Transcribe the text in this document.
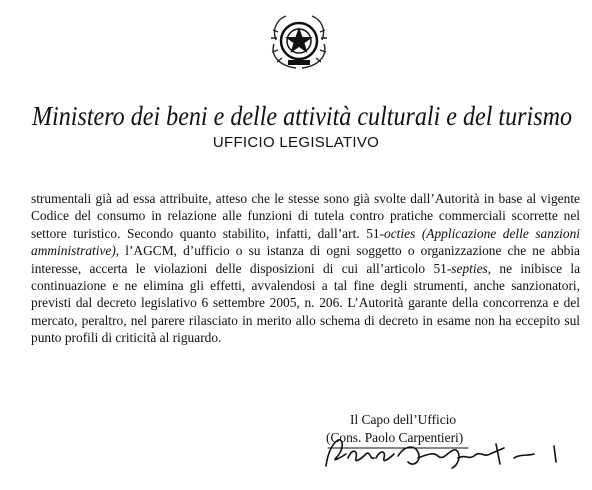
Ministero dei beni e delle attività culturali e del turismo
UFFICIO LEGISLATIVO

strumentali già ad essa attribuite, atteso che le stesse sono già svolte dall’Autorità in base al vigente Codice del consumo in relazione alle funzioni di tutela contro pratiche commerciali scorrette nel settore turistico. Secondo quanto stabilito, infatti, dall’art. 51-octies (Applicazione delle sanzioni amministrative), l’AGCM, d’ufficio o su istanza di ogni soggetto o organizzazione che ne abbia interesse, accerta le violazioni delle disposizioni di cui all’articolo 51-septies, ne inibisce la continuazione e ne elimina gli effetti, avvalendosi a tal fine degli strumenti, anche sanzionatori, previsti dal decreto legislativo 6 settembre 2005, n. 206. L’Autorità garante della concorrenza e del mercato, peraltro, nel parere rilasciato in merito allo schema di decreto in esame non ha eccepito sul punto profili di criticità al riguardo.

Il Capo dell’Ufficio
(Cons. Paolo Carpentieri)
